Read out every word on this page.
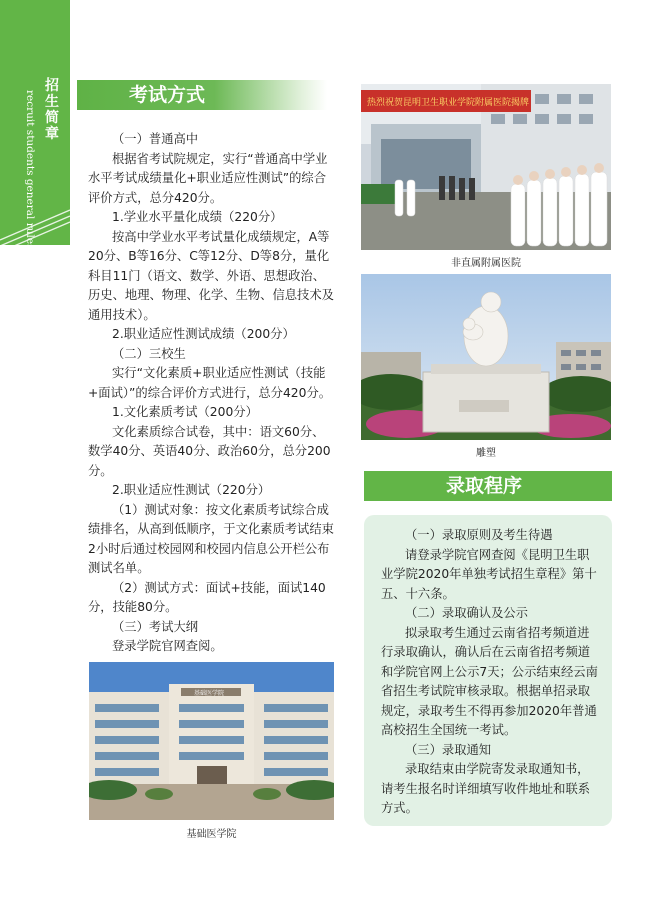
招生简章
recruit students general rules	考试方式

（一）普通高中

根据省考试院规定，实行“普通高中学业水平考试成绩量化+职业适应性测试”的综合评价方式，总分420分。

1.学业水平量化成绩（220分）

按高中学业水平考试量化成绩规定，A等20分、B等16分、C等12分、D等8分，量化科目11门（语文、数学、外语、思想政治、历史、地理、物理、化学、生物、信息技术及通用技术）。

2.职业适应性测试成绩（200分）

（二）三校生

实行“文化素质+职业适应性测试（技能+面试）”的综合评价方式进行，总分420分。

1.文化素质考试（200分）

文化素质综合试卷，其中：语文60分、数学40分、英语40分、政治60分，总分200分。

2.职业适应性测试（220分）

（1）测试对象：按文化素质考试综合成绩排名，从高到低顺序，于文化素质考试结束2小时后通过校园网和校园内信息公开栏公布测试名单。

（2）测试方式：面试+技能，面试140分，技能80分。

（三）考试大纲

登录学院官网查阅。

热烈祝贺昆明卫生职业学院附属医院揭牌
非直属附属医院
雕塑
录取程序

（一）录取原则及考生待遇

请登录学院官网查阅《昆明卫生职业学院2020年单独考试招生章程》第十五、十六条。

（二）录取确认及公示

拟录取考生通过云南省招考频道进行录取确认，确认后在云南省招考频道和学院官网上公示7天；公示结束经云南省招生考试院审核录取。根据单招录取规定，录取考生不得再参加2020年普通高校招生全国统一考试。

（三）录取通知

录取结束由学院寄发录取通知书，请考生报名时详细填写收件地址和联系方式。

基础医学院
基础医学院
